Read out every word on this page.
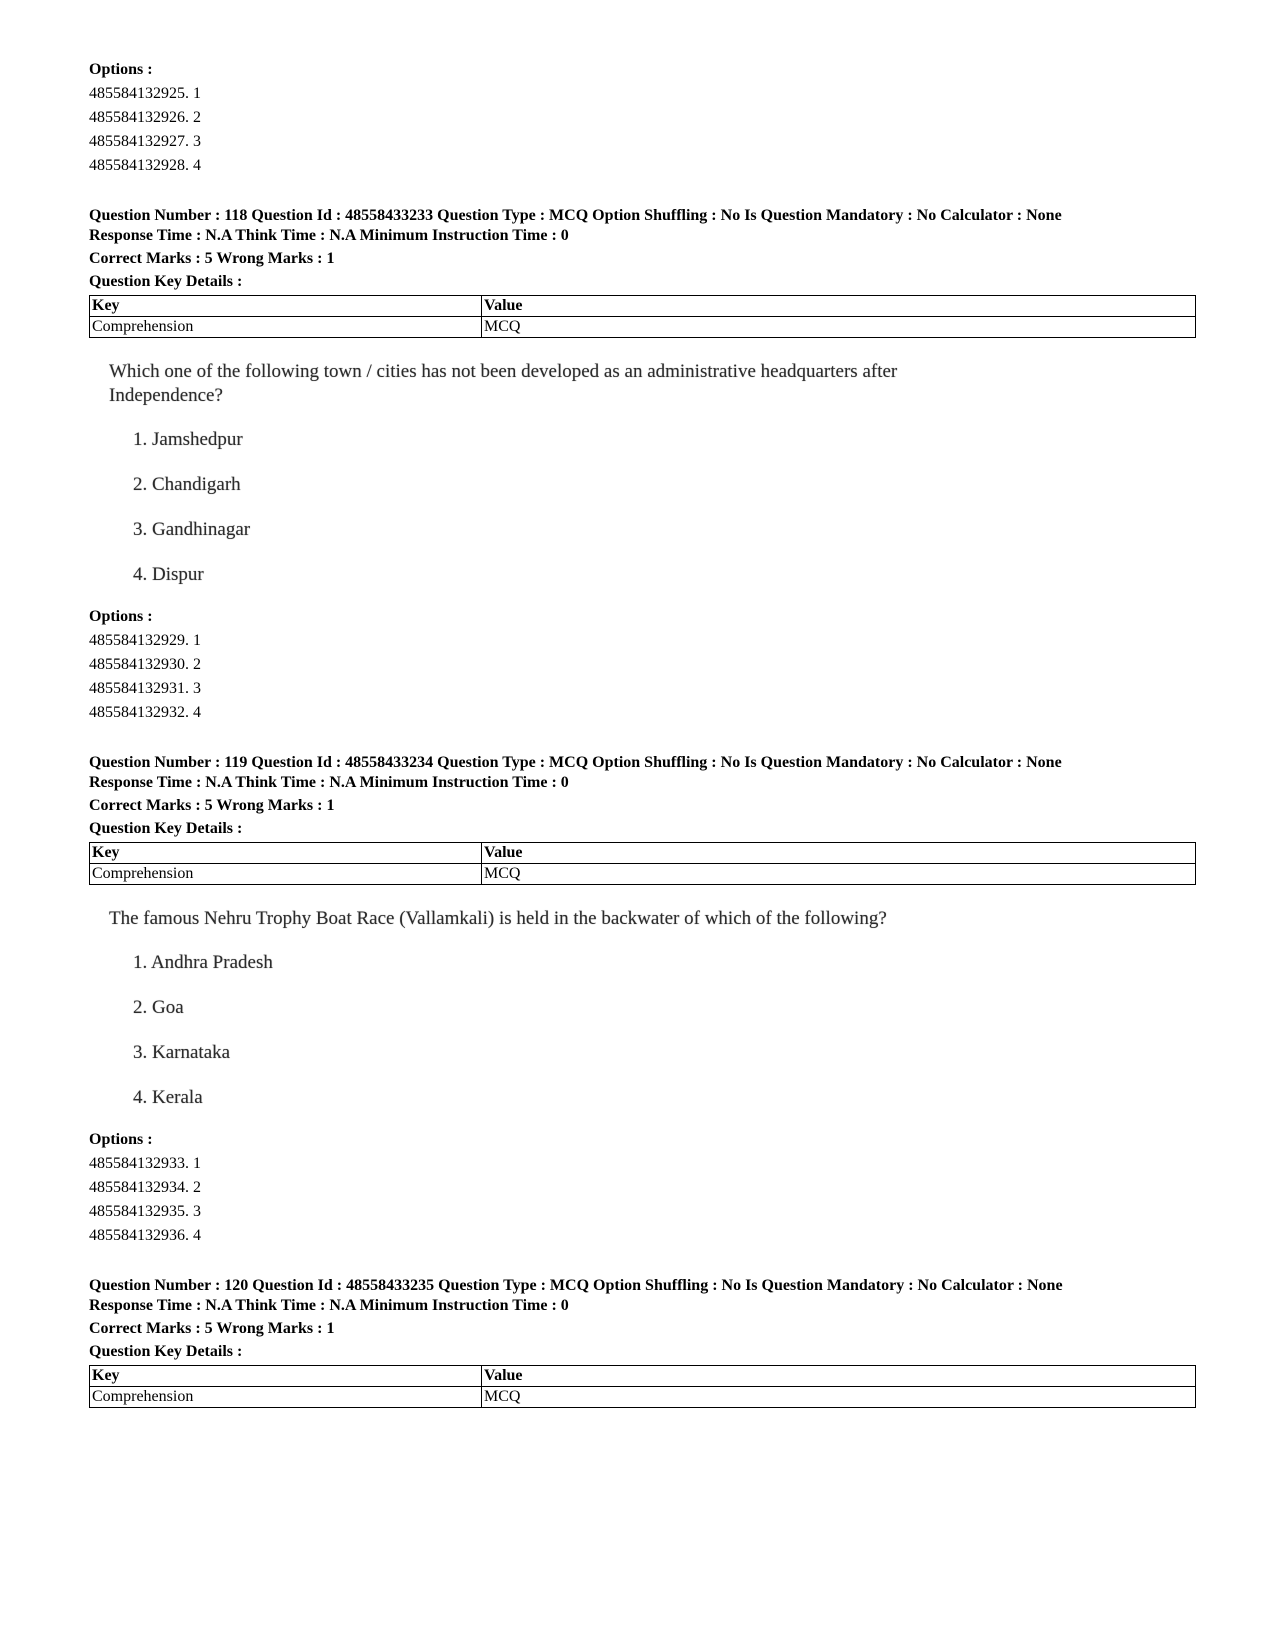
Options :
485584132925. 1
485584132926. 2
485584132927. 3
485584132928. 4
Question Number : 118 Question Id : 48558433233 Question Type : MCQ Option Shuffling : No Is Question Mandatory : No Calculator : None
Response Time : N.A Think Time : N.A Minimum Instruction Time : 0
Correct Marks : 5 Wrong Marks : 1
Question Key Details :
Key	Value
Comprehension	MCQ
Which one of the following town / cities has not been developed as an administrative headquarters after Independence?
1. Jamshedpur
2. Chandigarh
3. Gandhinagar
4. Dispur
Options :
485584132929. 1
485584132930. 2
485584132931. 3
485584132932. 4
Question Number : 119 Question Id : 48558433234 Question Type : MCQ Option Shuffling : No Is Question Mandatory : No Calculator : None
Response Time : N.A Think Time : N.A Minimum Instruction Time : 0
Correct Marks : 5 Wrong Marks : 1
Question Key Details :
Key	Value
Comprehension	MCQ
The famous Nehru Trophy Boat Race (Vallamkali) is held in the backwater of which of the following?
1. Andhra Pradesh
2. Goa
3. Karnataka
4. Kerala
Options :
485584132933. 1
485584132934. 2
485584132935. 3
485584132936. 4
Question Number : 120 Question Id : 48558433235 Question Type : MCQ Option Shuffling : No Is Question Mandatory : No Calculator : None
Response Time : N.A Think Time : N.A Minimum Instruction Time : 0
Correct Marks : 5 Wrong Marks : 1
Question Key Details :
Key	Value
Comprehension	MCQ
